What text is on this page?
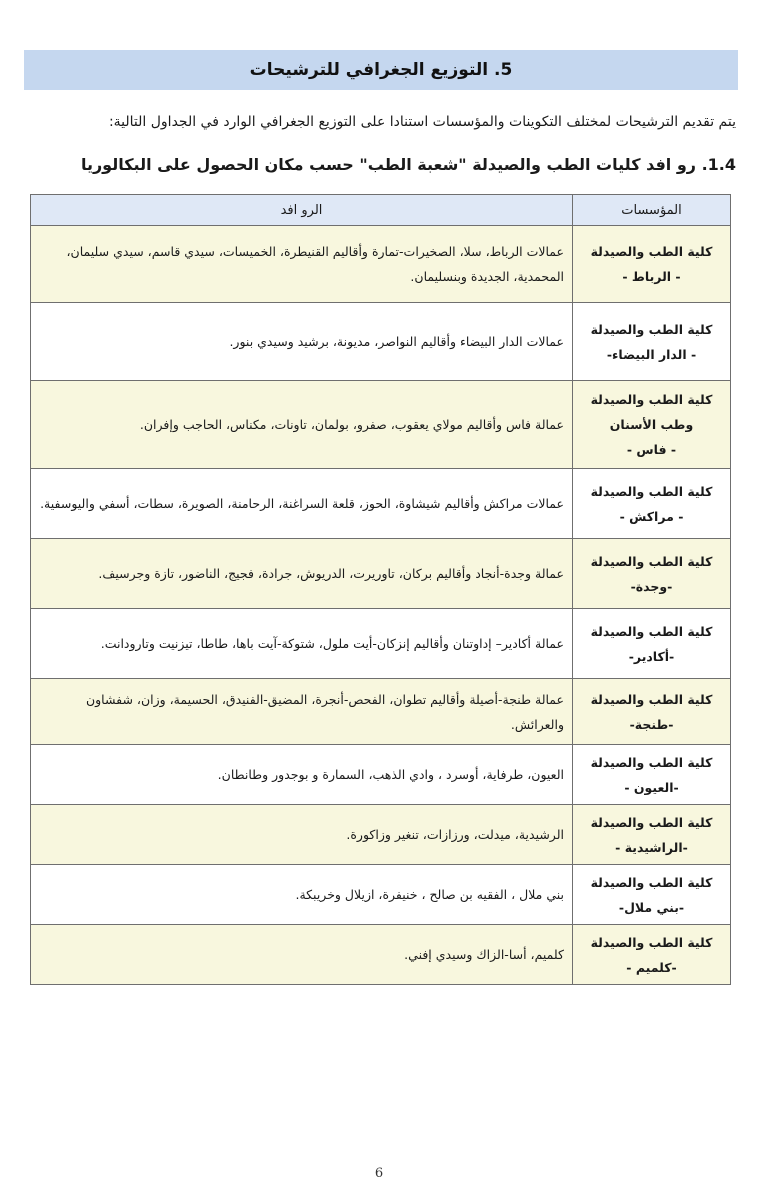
5. التوزيع الجغرافي للترشيحات
يتم تقديم الترشيحات لمختلف التكوينات والمؤسسات استنادا على التوزيع الجغرافي الوارد في الجداول التالية:
1.4. رو افد كليات الطب والصيدلة "شعبة الطب" حسب مكان الحصول على البكالوريا
المؤسسات	الرو افد

كلية الطب والصيدلة
- الرباط -	عمالات الرباط، سلا، الصخيرات-تمارة وأقاليم القنيطرة، الخميسات، سيدي قاسم، سيدي سليمان، المحمدية، الجديدة وبنسليمان.

كلية الطب والصيدلة
- الدار البيضاء-	عمالات الدار البيضاء وأقاليم النواصر، مديونة، برشيد وسيدي بنور.

كلية الطب والصيدلة
وطب الأسنان
- فاس -	عمالة فاس وأقاليم مولاي يعقوب، صفرو، بولمان، تاونات، مكناس، الحاجب وإفران.

كلية الطب والصيدلة
- مراكش -	عمالات مراكش وأقاليم شيشاوة، الحوز، قلعة السراغنة، الرحامنة، الصويرة، سطات، أسفي واليوسفية.

كلية الطب والصيدلة
-وجدة-	عمالة وجدة-أنجاد وأقاليم بركان، تاوريرت، الدريوش، جرادة، فجيج، الناضور، تازة وجرسيف.

كلية الطب والصيدلة
-أكادير-	عمالة أكادير– إداوتنان وأقاليم إنزكان-أيت ملول، شتوكة-آيت باها، طاطا، تيزنيت وتارودانت.

كلية الطب والصيدلة
-طنجة-	عمالة طنجة-أصيلة وأقاليم تطوان، الفحص-أنجرة، المضيق-الفنيدق، الحسيمة، وزان، شفشاون والعرائش.

كلية الطب والصيدلة
-العيون -	العيون، طرفاية، أوسرد ، وادي الذهب، السمارة و بوجدور وطانطان.

كلية الطب والصيدلة
-الراشيدية -	الرشيدية، ميدلت، ورزازات، تنغير وزاكورة.

كلية الطب والصيدلة
-بني ملال-	بني ملال ، الفقيه بن صالح ، خنيفرة، ازيلال وخريبكة.

كلية الطب والصيدلة
-كلميم -	كلميم، أسا-الزاك وسيدي إفني.
6
